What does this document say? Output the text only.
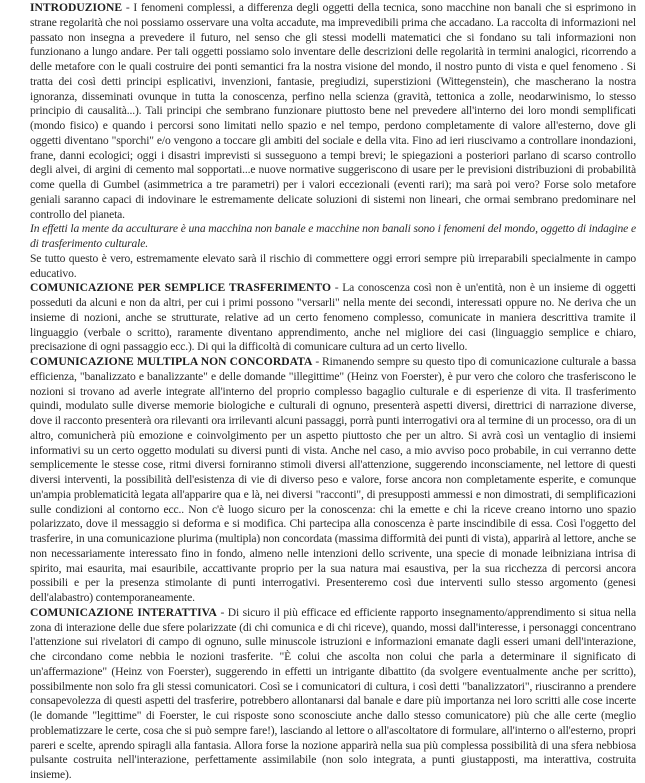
INTRODUZIONE - I fenomeni complessi, a differenza degli oggetti della tecnica, sono macchine non banali che si esprimono in strane regolarità che noi possiamo osservare una volta accadute, ma imprevedibili prima che accadano. La raccolta di informazioni nel passato non insegna a prevedere il futuro, nel senso che gli stessi modelli matematici che si fondano su tali informazioni non funzionano a lungo andare. Per tali oggetti possiamo solo inventare delle descrizioni delle regolarità in termini analogici, ricorrendo a delle metafore con le quali costruire dei ponti semantici fra la nostra visione del mondo, il nostro punto di vista e quel fenomeno . Si tratta dei così detti principi esplicativi, invenzioni, fantasie, pregiudizi, superstizioni (Wittegenstein), che mascherano la nostra ignoranza, disseminati ovunque in tutta la conoscenza, perfino nella scienza (gravità, tettonica a zolle, neodarwinismo, lo stesso principio di causalità...). Tali principi che sembrano funzionare piuttosto bene nel prevedere all'interno dei loro mondi semplificati (mondo fisico) e quando i percorsi sono limitati nello spazio e nel tempo, perdono completamente di valore all'esterno, dove gli oggetti diventano "sporchi" e/o vengono a toccare gli ambiti del sociale e della vita. Fino ad ieri riuscivamo a controllare inondazioni, frane, danni ecologici; oggi i disastri imprevisti si susseguono a tempi brevi; le spiegazioni a posteriori parlano di scarso controllo degli alvei, di argini di cemento mal sopportati...e nuove normative suggeriscono di usare per le previsioni distribuzioni di probabilità come quella di Gumbel (asimmetrica a tre parametri) per i valori eccezionali (eventi rari); ma sarà poi vero? Forse solo metafore geniali saranno capaci di indovinare le estremamente delicate soluzioni di sistemi non lineari, che ormai sembrano predominare nel controllo del pianeta.

In effetti la mente da acculturare è una macchina non banale e macchine non banali sono i fenomeni del mondo, oggetto di indagine e di trasferimento culturale.

Se tutto questo è vero, estremamente elevato sarà il rischio di commettere oggi errori sempre più irreparabili specialmente in campo educativo.

COMUNICAZIONE PER SEMPLICE TRASFERIMENTO - La conoscenza così non è un'entità, non è un insieme di oggetti posseduti da alcuni e non da altri, per cui i primi possono "versarli" nella mente dei secondi, interessati oppure no. Ne deriva che un insieme di nozioni, anche se strutturate, relative ad un certo fenomeno complesso, comunicate in maniera descrittiva tramite il linguaggio (verbale o scritto), raramente diventano apprendimento, anche nel migliore dei casi (linguaggio semplice e chiaro, precisazione di ogni passaggio ecc.). Di qui la difficoltà di comunicare cultura ad un certo livello.

COMUNICAZIONE MULTIPLA NON CONCORDATA - Rimanendo sempre su questo tipo di comunicazione culturale a bassa efficienza, "banalizzato e banalizzante" e delle domande "illegittime" (Heinz von Foerster), è pur vero che coloro che trasferiscono le nozioni si trovano ad averle integrate all'interno del proprio complesso bagaglio culturale e di esperienze di vita. Il trasferimento quindi, modulato sulle diverse memorie biologiche e culturali di ognuno, presenterà aspetti diversi, direttrici di narrazione diverse, dove il racconto presenterà ora rilevanti ora irrilevanti alcuni passaggi, porrà punti interrogativi ora al termine di un processo, ora di un altro, comunicherà più emozione e coinvolgimento per un aspetto piuttosto che per un altro. Si avrà così un ventaglio di insiemi informativi su un certo oggetto modulati su diversi punti di vista. Anche nel caso, a mio avviso poco probabile, in cui verranno dette semplicemente le stesse cose, ritmi diversi forniranno stimoli diversi all'attenzione, suggerendo inconsciamente, nel lettore di questi diversi interventi, la possibilità dell'esistenza di vie di diverso peso e valore, forse ancora non completamente esperite, e comunque un'ampia problematicità legata all'apparire qua e là, nei diversi "racconti", di presupposti ammessi e non dimostrati, di semplificazioni sulle condizioni al contorno ecc.. Non c'è luogo sicuro per la conoscenza: chi la emette e chi la riceve creano intorno uno spazio polarizzato, dove il messaggio si deforma e si modifica. Chi partecipa alla conoscenza è parte inscindibile di essa. Così l'oggetto del trasferire, in una comunicazione plurima (multipla) non concordata (massima difformità dei punti di vista), apparirà al lettore, anche se non necessariamente interessato fino in fondo, almeno nelle intenzioni dello scrivente, una specie di monade leibniziana intrisa di spirito, mai esaurita, mai esauribile, accattivante proprio per la sua natura mai esaustiva, per la sua ricchezza di percorsi ancora possibili e per la presenza stimolante di punti interrogativi. Presenteremo così due interventi sullo stesso argomento (genesi dell'alabastro) contemporaneamente.

COMUNICAZIONE INTERATTIVA - Di sicuro il più efficace ed efficiente rapporto insegnamento/apprendimento si situa nella zona di interazione delle due sfere polarizzate (di chi comunica e di chi riceve), quando, mossi dall'interesse, i personaggi concentrano l'attenzione sui rivelatori di campo di ognuno, sulle minuscole istruzioni e informazioni emanate dagli esseri umani dell'interazione, che circondano come nebbia le nozioni trasferite. "È colui che ascolta non colui che parla a determinare il significato di un'affermazione" (Heinz von Foerster), suggerendo in effetti un intrigante dibattito (da svolgere eventualmente anche per scritto), possibilmente non solo fra gli stessi comunicatori. Così se i comunicatori di cultura, i così detti "banalizzatori", riusciranno a prendere consapevolezza di questi aspetti del trasferire, potrebbero allontanarsi dal banale e dare più importanza nei loro scritti alle cose incerte (le domande "legittime" di Foerster, le cui risposte sono sconosciute anche dallo stesso comunicatore) più che alle certe (meglio problematizzare le certe, cosa che si può sempre fare!), lasciando al lettore o all'ascoltatore di formulare, all'interno o all'esterno, propri pareri e scelte, aprendo spiragli alla fantasia. Allora forse la nozione apparirà nella sua più complessa possibilità di una sfera nebbiosa pulsante costruita nell'interazione, perfettamente assimilabile (non solo integrata, a punti giustapposti, ma interattiva, costruita insieme).
